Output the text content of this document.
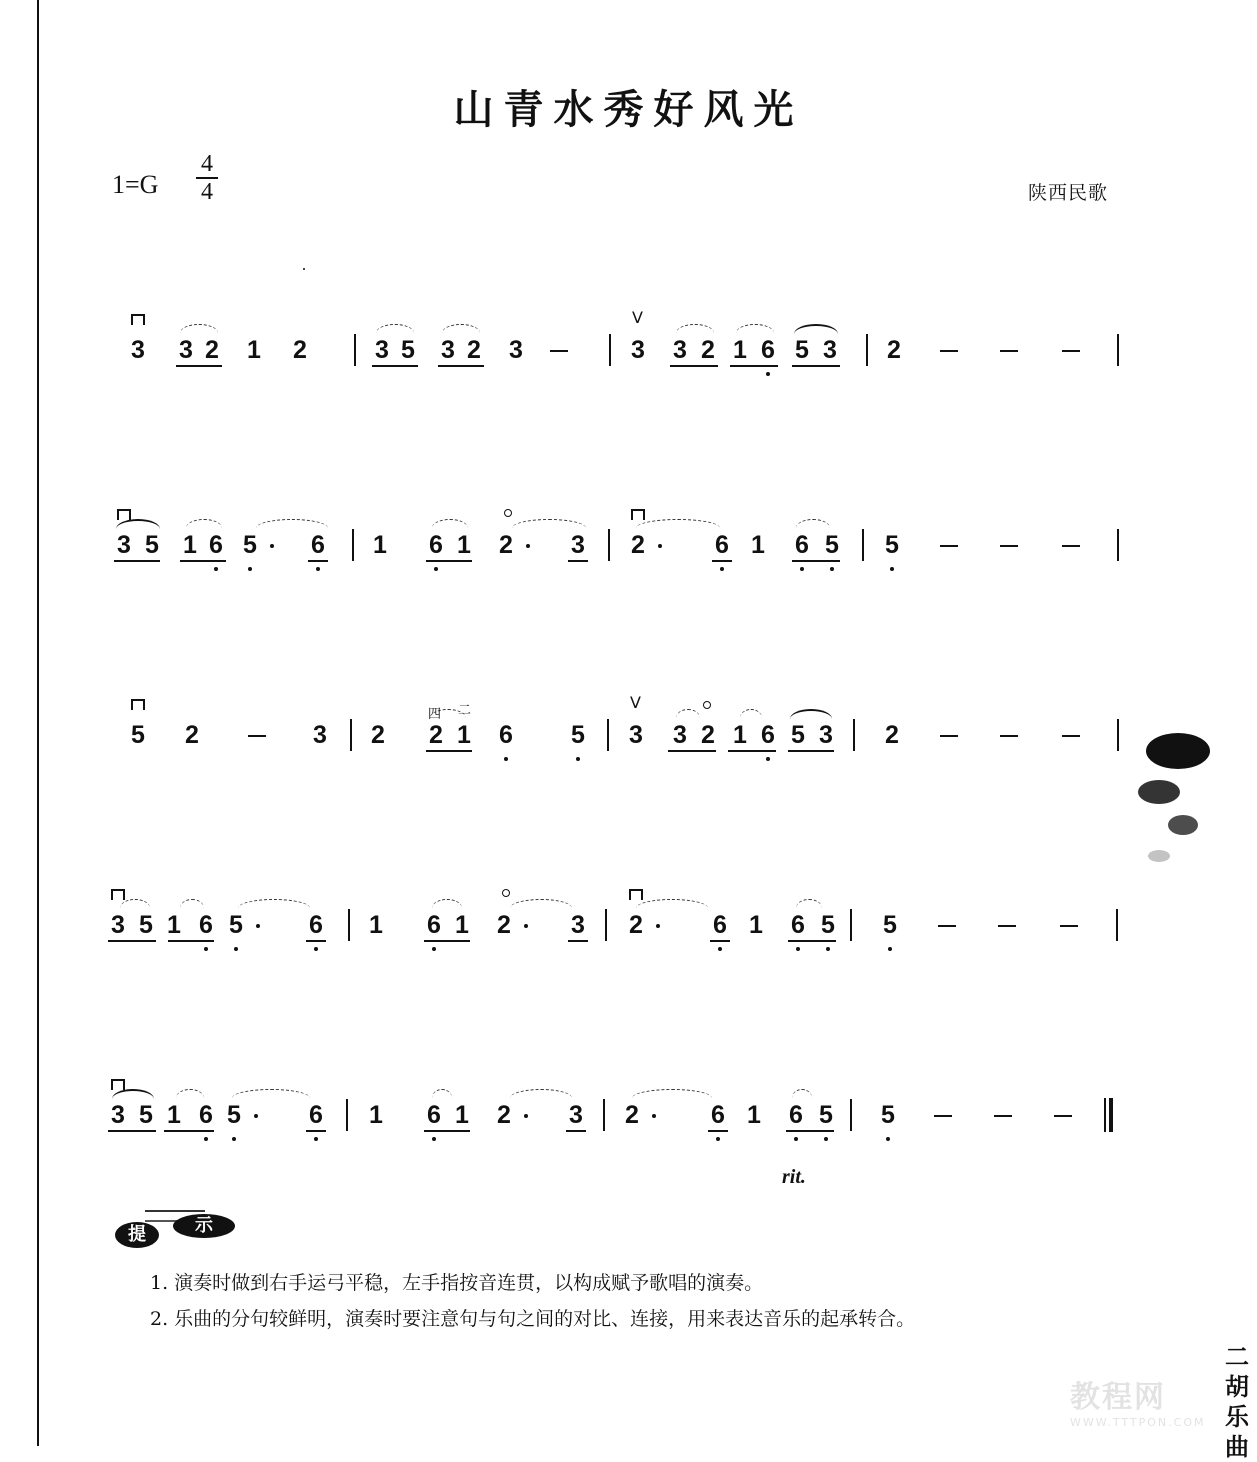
山青水秀好风光
1=G
4
4	陕西民歌
3 3 2 1 2	3 5 3 2 3	3
V
3 2 1 6 5 3 2
3 5 1 6 5 6 1 6 1 2 3 2	6 1 6 5 5
5 2	3 2 2 1 6 5 3
V
3 2 1 6 5 3 2
四 二
3 5 1 6 5	6 1 6 1 2 3 2	6 1 6 5 5
3 5 1 6 5	6 1 6 1 2 3 2	6 1 6 5 5
rit.
提	示
1. 演奏时做到右手运弓平稳，左手指按音连贯，以构成赋予歌唱的演奏。
2. 乐曲的分句较鲜明，演奏时要注意句与句之间的对比、连接，用来表达音乐的起承转合。
教程网
WWW.TTTPON.COM
二
胡
乐
曲
